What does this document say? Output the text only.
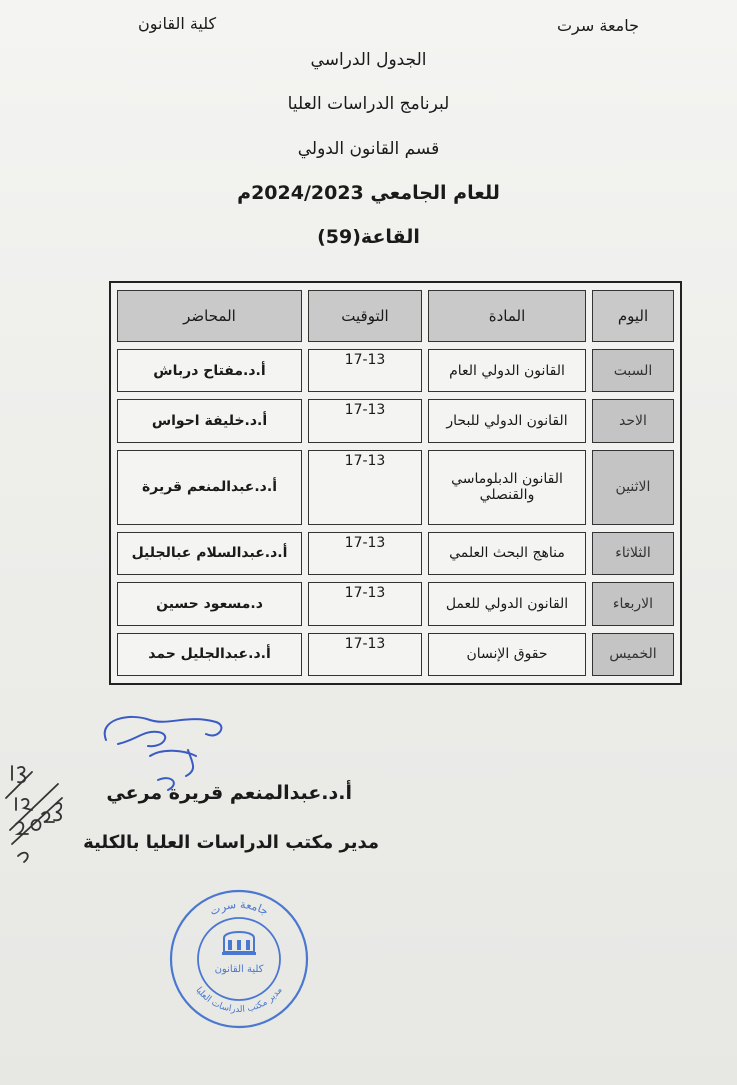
جامعة سرت
كلية القانون
الجدول الدراسي
لبرنامج الدراسات العليا
قسم القانون الدولي
للعام الجامعي 2024/2023م
القاعة(59)
اليوم	المادة	التوقيت	المحاضر
السبت	القانون الدولي العام	17-13	أ.د.مفتاح درباش
الاحد	القانون الدولي للبحار	17-13	أ.د.خليفة احواس
الاثنين	القانون الدبلوماسي والقنصلي	17-13	أ.د.عبدالمنعم قريرة
الثلاثاء	مناهج البحث العلمي	17-13	أ.د.عبدالسلام عبالجليل
الاربعاء	القانون الدولي للعمل	17-13	د.مسعود حسين
الخميس	حقوق الإنسان	17-13	أ.د.عبدالجليل حمد
أ.د.عبدالمنعم قريرة مرعي
مدير مكتب الدراسات العليا بالكلية
جامعة سرت
مدير مكتب الدراسات العليا
كلية القانون
